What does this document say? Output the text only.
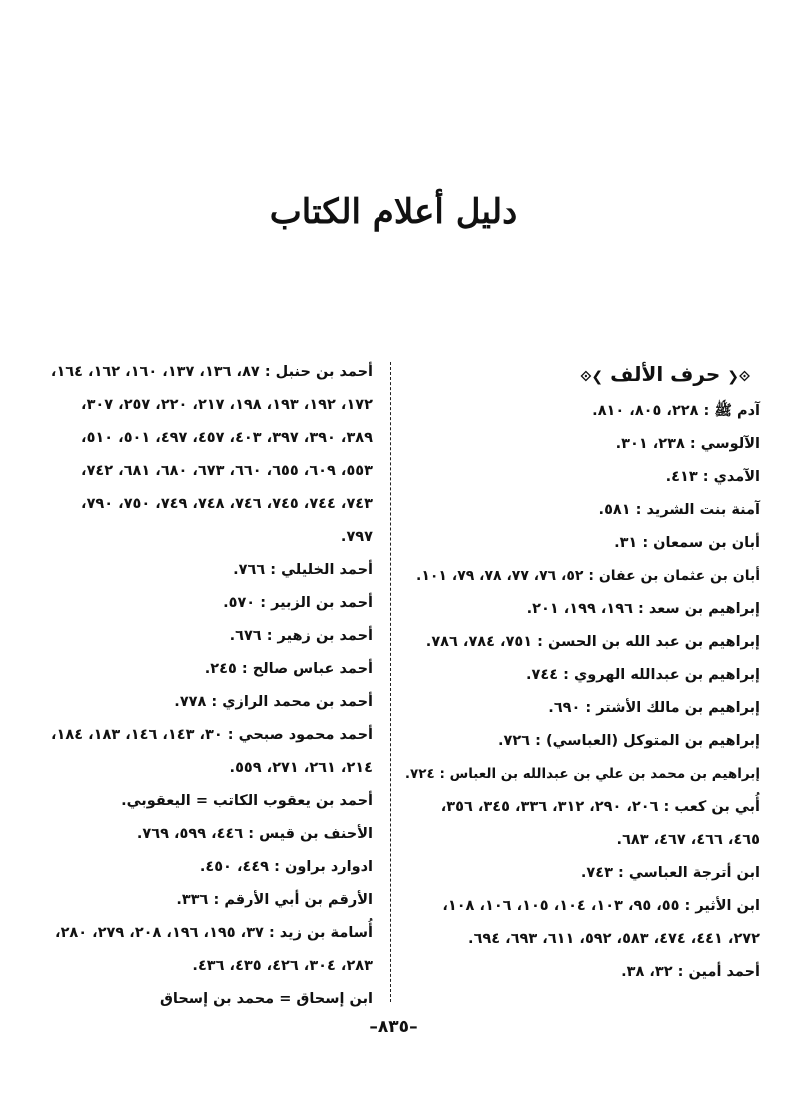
دليل أعلام الكتاب
⟐❮ حرف الألف ❯⟐
آدم ﷺ : ٢٢٨، ٨٠٥، ٨١٠.
الآلوسي : ٢٣٨، ٣٠١.
الآمدي : ٤١٣.
آمنة بنت الشريد : ٥٨١.
أبان بن سمعان : ٣١.
أبان بن عثمان بن عفان : ٥٢، ٧٦، ٧٧، ٧٨، ٧٩، ١٠١.
إبراهيم بن سعد : ١٩٦، ١٩٩، ٢٠١.
إبراهيم بن عبد الله بن الحسن : ٧٥١، ٧٨٤، ٧٨٦.
إبراهيم بن عبدالله الهروي : ٧٤٤.
إبراهيم بن مالك الأشتر : ٦٩٠.
إبراهيم بن المتوكل (العباسي) : ٧٢٦.
إبراهيم بن محمد بن علي بن عبدالله بن العباس : ٧٢٤.
أُبي بن كعب : ٢٠٦، ٢٩٠، ٣١٢، ٣٣٦، ٣٤٥، ٣٥٦،
٤٦٥، ٤٦٦، ٤٦٧، ٦٨٣.
ابن أترجة العباسي : ٧٤٣.
ابن الأثير : ٥٥، ٩٥، ١٠٣، ١٠٤، ١٠٥، ١٠٦، ١٠٨،
٢٧٢، ٤٤١، ٤٧٤، ٥٨٣، ٥٩٢، ٦١١، ٦٩٣، ٦٩٤.
أحمد أمين : ٣٢، ٣٨.
أحمد بن حنبل : ٨٧، ١٣٦، ١٣٧، ١٦٠، ١٦٢، ١٦٤،
١٧٢، ١٩٢، ١٩٣، ١٩٨، ٢١٧، ٢٢٠، ٢٥٧، ٣٠٧،
٣٨٩، ٣٩٠، ٣٩٧، ٤٠٣، ٤٥٧، ٤٩٧، ٥٠١، ٥١٠،
٥٥٣، ٦٠٩، ٦٥٥، ٦٦٠، ٦٧٣، ٦٨٠، ٦٨١، ٧٤٢،
٧٤٣، ٧٤٤، ٧٤٥، ٧٤٦، ٧٤٨، ٧٤٩، ٧٥٠، ٧٩٠،
٧٩٧.
أحمد الخليلي : ٧٦٦.
أحمد بن الزبير : ٥٧٠.
أحمد بن زهير : ٦٧٦.
أحمد عباس صالح : ٢٤٥.
أحمد بن محمد الرازي : ٧٧٨.
أحمد محمود صبحي : ٣٠، ١٤٣، ١٤٦، ١٨٣، ١٨٤،
٢١٤، ٢٦١، ٢٧١، ٥٥٩.
أحمد بن يعقوب الكاتب = اليعقوبي.
الأحنف بن قيس : ٤٤٦، ٥٩٩، ٧٦٩.
ادوارد براون : ٤٤٩، ٤٥٠.
الأرقم بن أبي الأرقم : ٣٣٦.
أُسامة بن زيد : ٣٧، ١٩٥، ١٩٦، ٢٠٨، ٢٧٩، ٢٨٠،
٢٨٣، ٣٠٤، ٤٢٦، ٤٣٥، ٤٣٦.
ابن إسحاق = محمد بن إسحاق
–٨٣٥–
